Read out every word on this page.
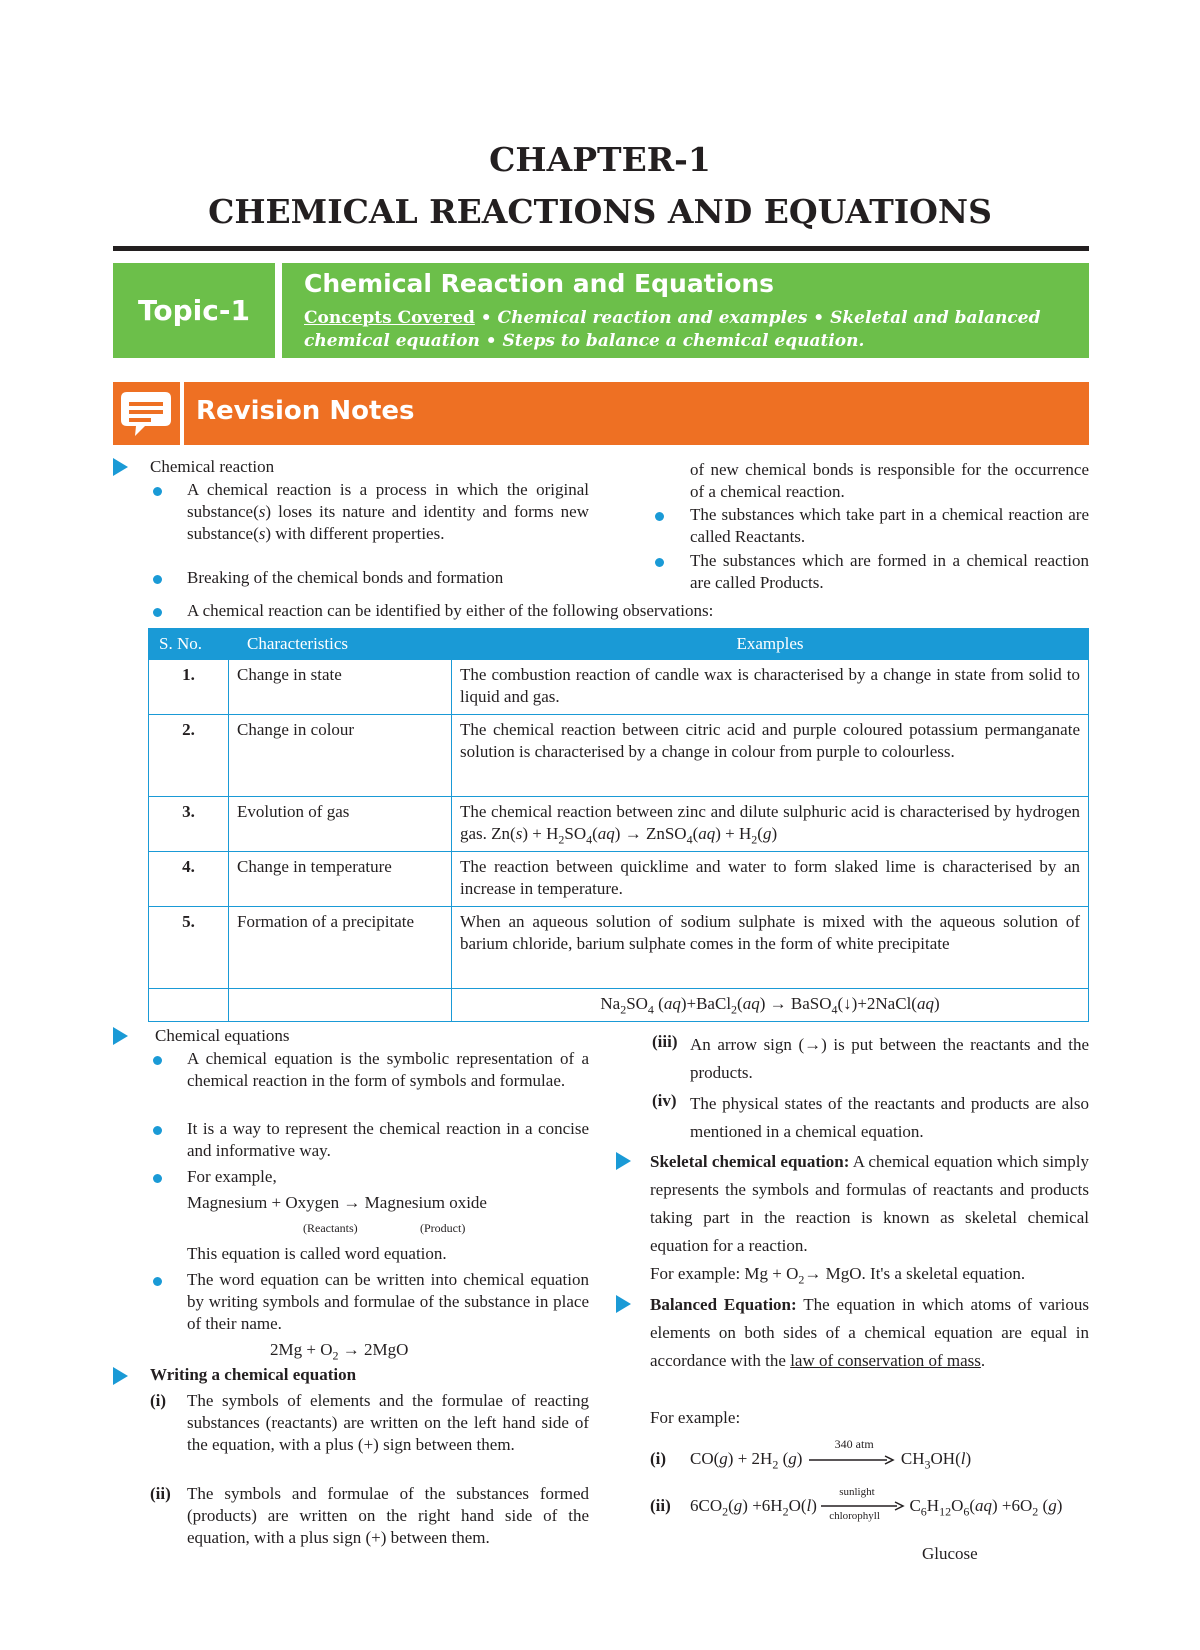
CHAPTER-1
CHEMICAL REACTIONS AND EQUATIONS
Topic-1
Chemical Reaction and Equations
Concepts Covered • Chemical reaction and examples • Skeletal and balanced chemical equation • Steps to balance a chemical equation.
Revision Notes
Chemical reaction
A chemical reaction is a process in which the original substance(s) loses its nature and identity and forms new substance(s) with different properties.
Breaking of the chemical bonds and formation
of new chemical bonds is responsible for the occurrence of a chemical reaction.
The substances which take part in a chemical reaction are called Reactants.
The substances which are formed in a chemical reaction are called Products.
A chemical reaction can be identified by either of the following observations:
S. No.	Characteristics	Examples
1.	Change in state	The combustion reaction of candle wax is characterised by a change in state from solid to liquid and gas.
2.	Change in colour	The chemical reaction between citric acid and purple coloured potassium permanganate solution is characterised by a change in colour from purple to colourless.
3.	Evolution of gas	The chemical reaction between zinc and dilute sulphuric acid is characterised by hydrogen gas. $Zn(s) + H_2SO_4(aq)$ → ZnSO$_4$(aq) + $H_2(g)$
4.	Change in temperature	The reaction between quicklime and water to form slaked lime is characterised by an increase in temperature.
5.	Formation of a precipitate	When an aqueous solution of sodium sulphate is mixed with the aqueous solution of barium chloride, barium sulphate comes in the form of white precipitate
		$Na_2SO_4$ (aq)+BaCl$_2$(aq) → BaSO$_4$(↓)+2NaCl(aq)
Chemical equations
A chemical equation is the symbolic representation of a chemical reaction in the form of symbols and formulae.
It is a way to represent the chemical reaction in a concise and informative way.
For example,
Magnesium + Oxygen → Magnesium oxide
(Reactants)	(Product)
This equation is called word equation.
The word equation can be written into chemical equation by writing symbols and formulae of the substance in place of their name.
$2Mg + O_2 \to 2MgO$
Writing a chemical equation
(i) The symbols of elements and the formulae of reacting substances (reactants) are written on the left hand side of the equation, with a plus (+) sign between them.
(ii) The symbols and formulae of the substances formed (products) are written on the right hand side of the equation, with a plus sign (+) between them.
(iii) An arrow sign (→) is put between the reactants and the products.
(iv) The physical states of the reactants and products are also mentioned in a chemical equation.
Skeletal chemical equation: A chemical equation which simply represents the symbols and formulas of reactants and products taking part in the reaction is known as skeletal chemical equation for a reaction.
For example: $Mg + O_2\to$ MgO. It's a skeletal equation.
Balanced Equation: The equation in which atoms of various elements on both sides of a chemical equation are equal in accordance with the law of conservation of mass.
For example:
(i) $CO(g) + 2H_2$ (g)
340 atm
$CH_3OH(l)$
(ii) $6CO_2(g) +6H_2O(l)$
sunlight
chlorophyll
$C_6H_{12}O_6(aq) +6O_2$ (g)
Glucose
